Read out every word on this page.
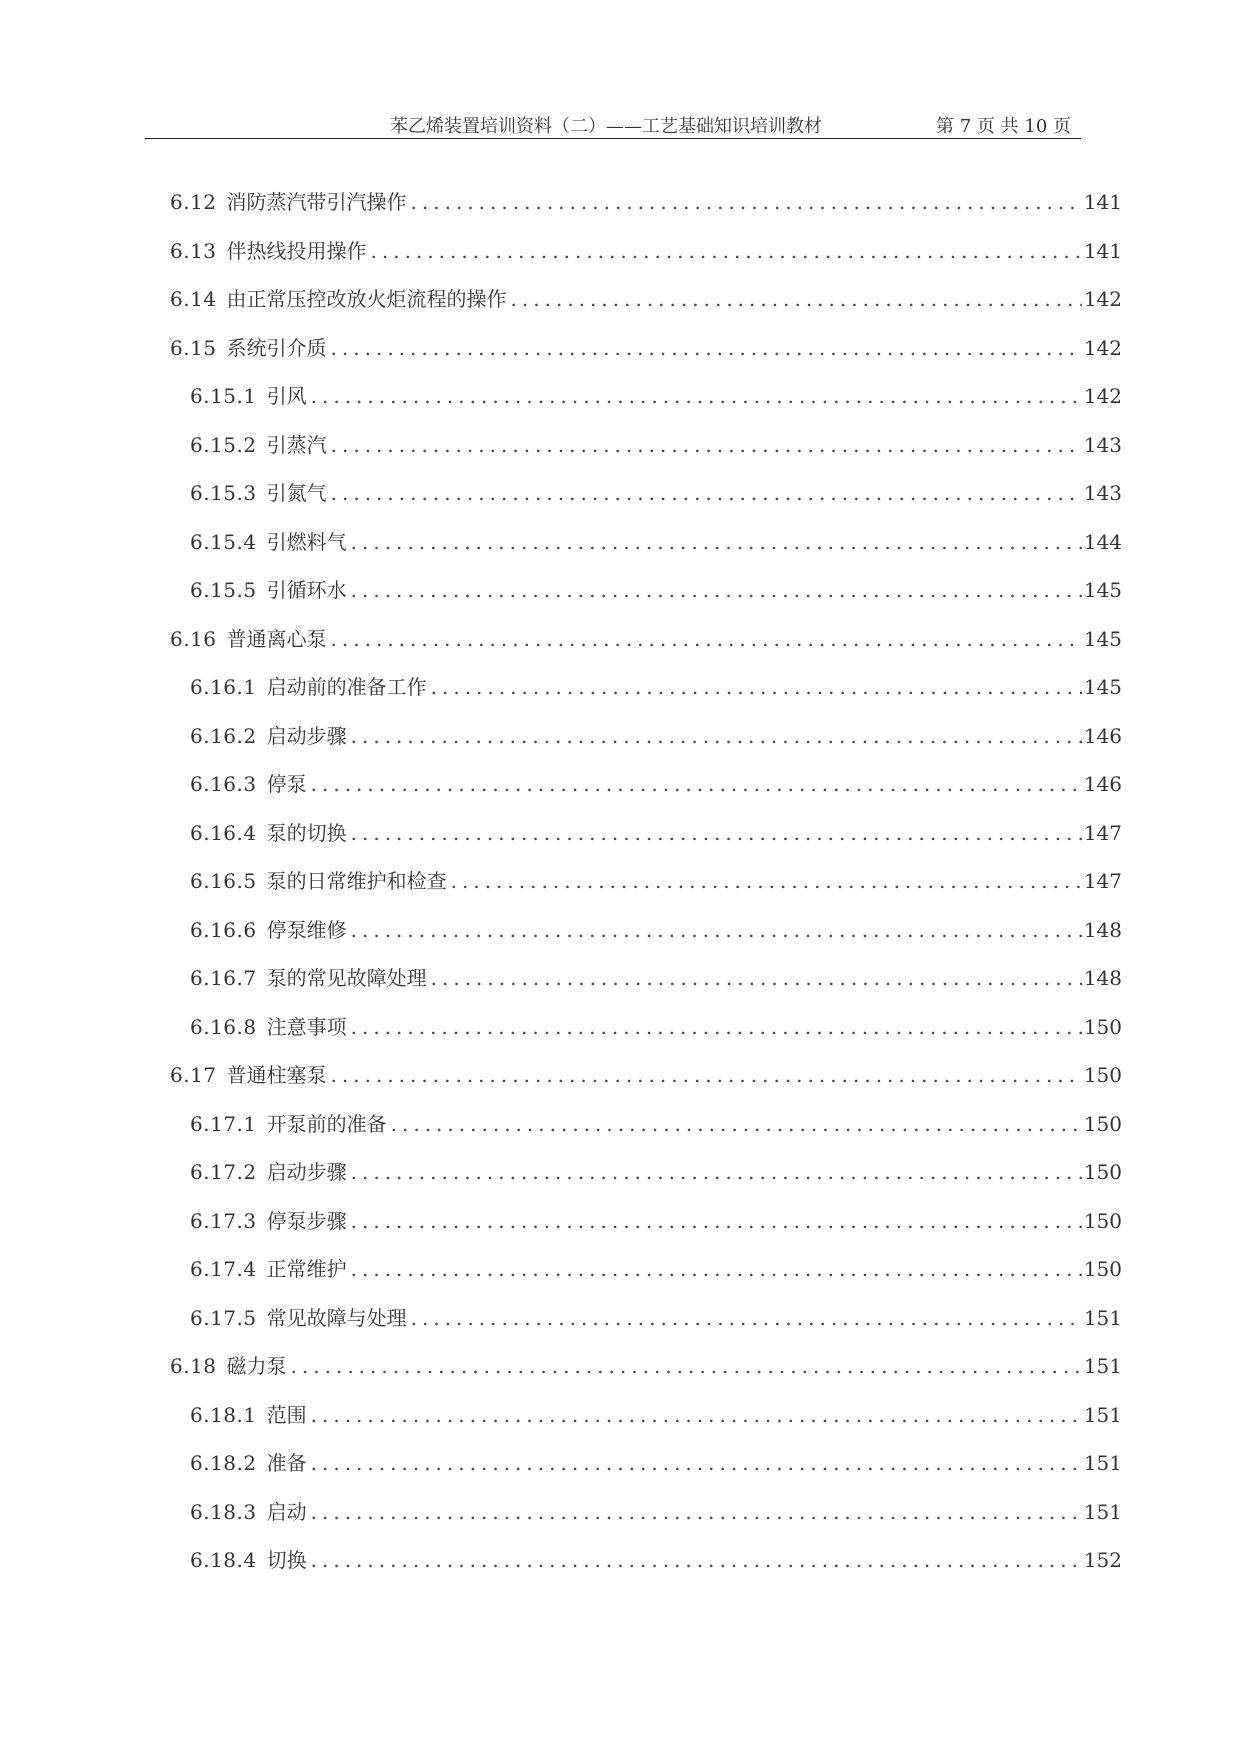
苯乙烯装置培训资料（二）——工艺基础知识培训教材	第 7 页 共 10 页
6.12 消防蒸汽带引汽操作 .....	141
6.13 伴热线投用操作 .....	141
6.14 由正常压控改放火炬流程的操作 .....	142
6.15 系统引介质 .....	142
6.15.1 引风 .....	142
6.15.2 引蒸汽 .....	143
6.15.3 引氮气 .....	143
6.15.4 引燃料气 .....	144
6.15.5 引循环水 .....	145
6.16 普通离心泵 .....	145
6.16.1 启动前的准备工作 .....	145
6.16.2 启动步骤 .....	146
6.16.3 停泵 .....	146
6.16.4 泵的切换 .....	147
6.16.5 泵的日常维护和检查 .....	147
6.16.6 停泵维修 .....	148
6.16.7 泵的常见故障处理 .....	148
6.16.8 注意事项 .....	150
6.17 普通柱塞泵 .....	150
6.17.1 开泵前的准备 .....	150
6.17.2 启动步骤 .....	150
6.17.3 停泵步骤 .....	150
6.17.4 正常维护 .....	150
6.17.5 常见故障与处理 .....	151
6.18 磁力泵 .....	151
6.18.1 范围 .....	151
6.18.2 准备 .....	151
6.18.3 启动 .....	151
6.18.4 切换 .....	152
